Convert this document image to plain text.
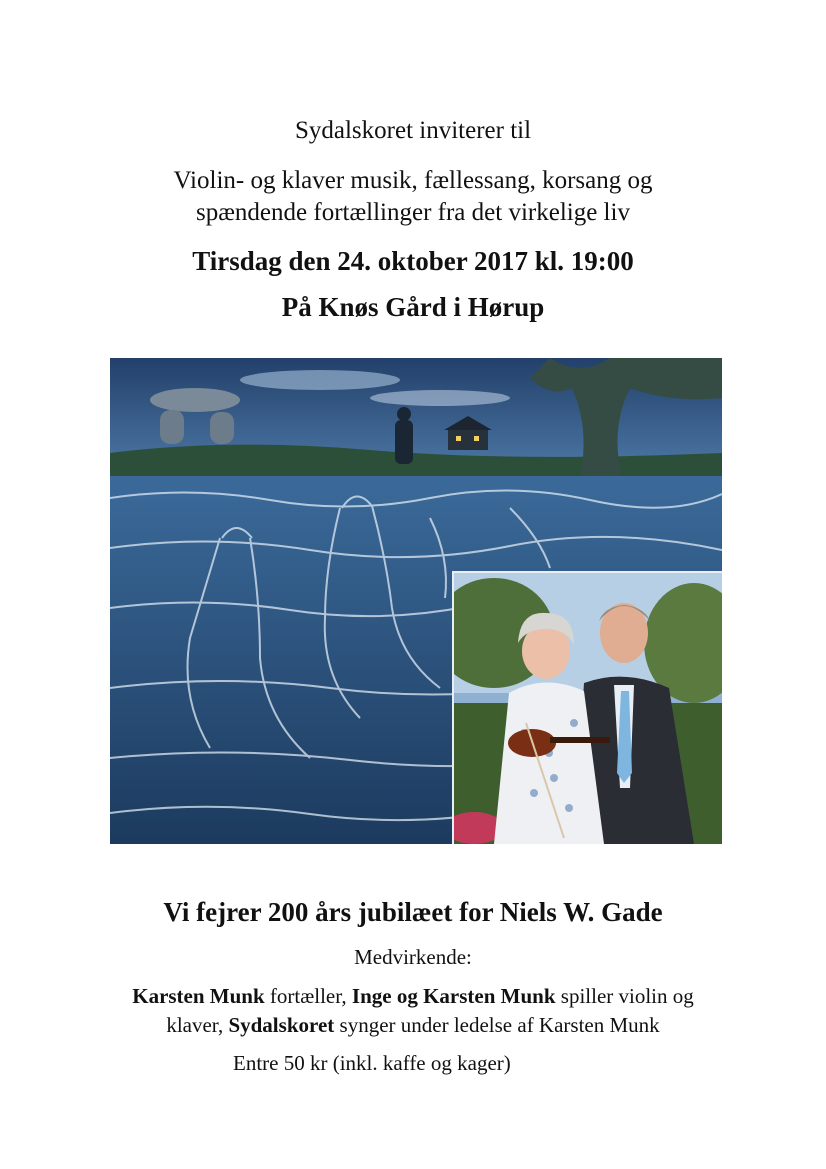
Sydalskoret inviterer til
Violin- og klaver musik, fællessang, korsang og
spændende fortællinger fra det virkelige liv
Tirsdag den 24. oktober 2017 kl. 19:00
På Knøs Gård i Hørup
Vi fejrer 200 års jubilæet for Niels W. Gade
Medvirkende:
Karsten Munk fortæller, Inge og Karsten Munk spiller violin og
klaver, Sydalskoret synger under ledelse af Karsten Munk
Entre 50 kr (inkl. kaffe og kager)
